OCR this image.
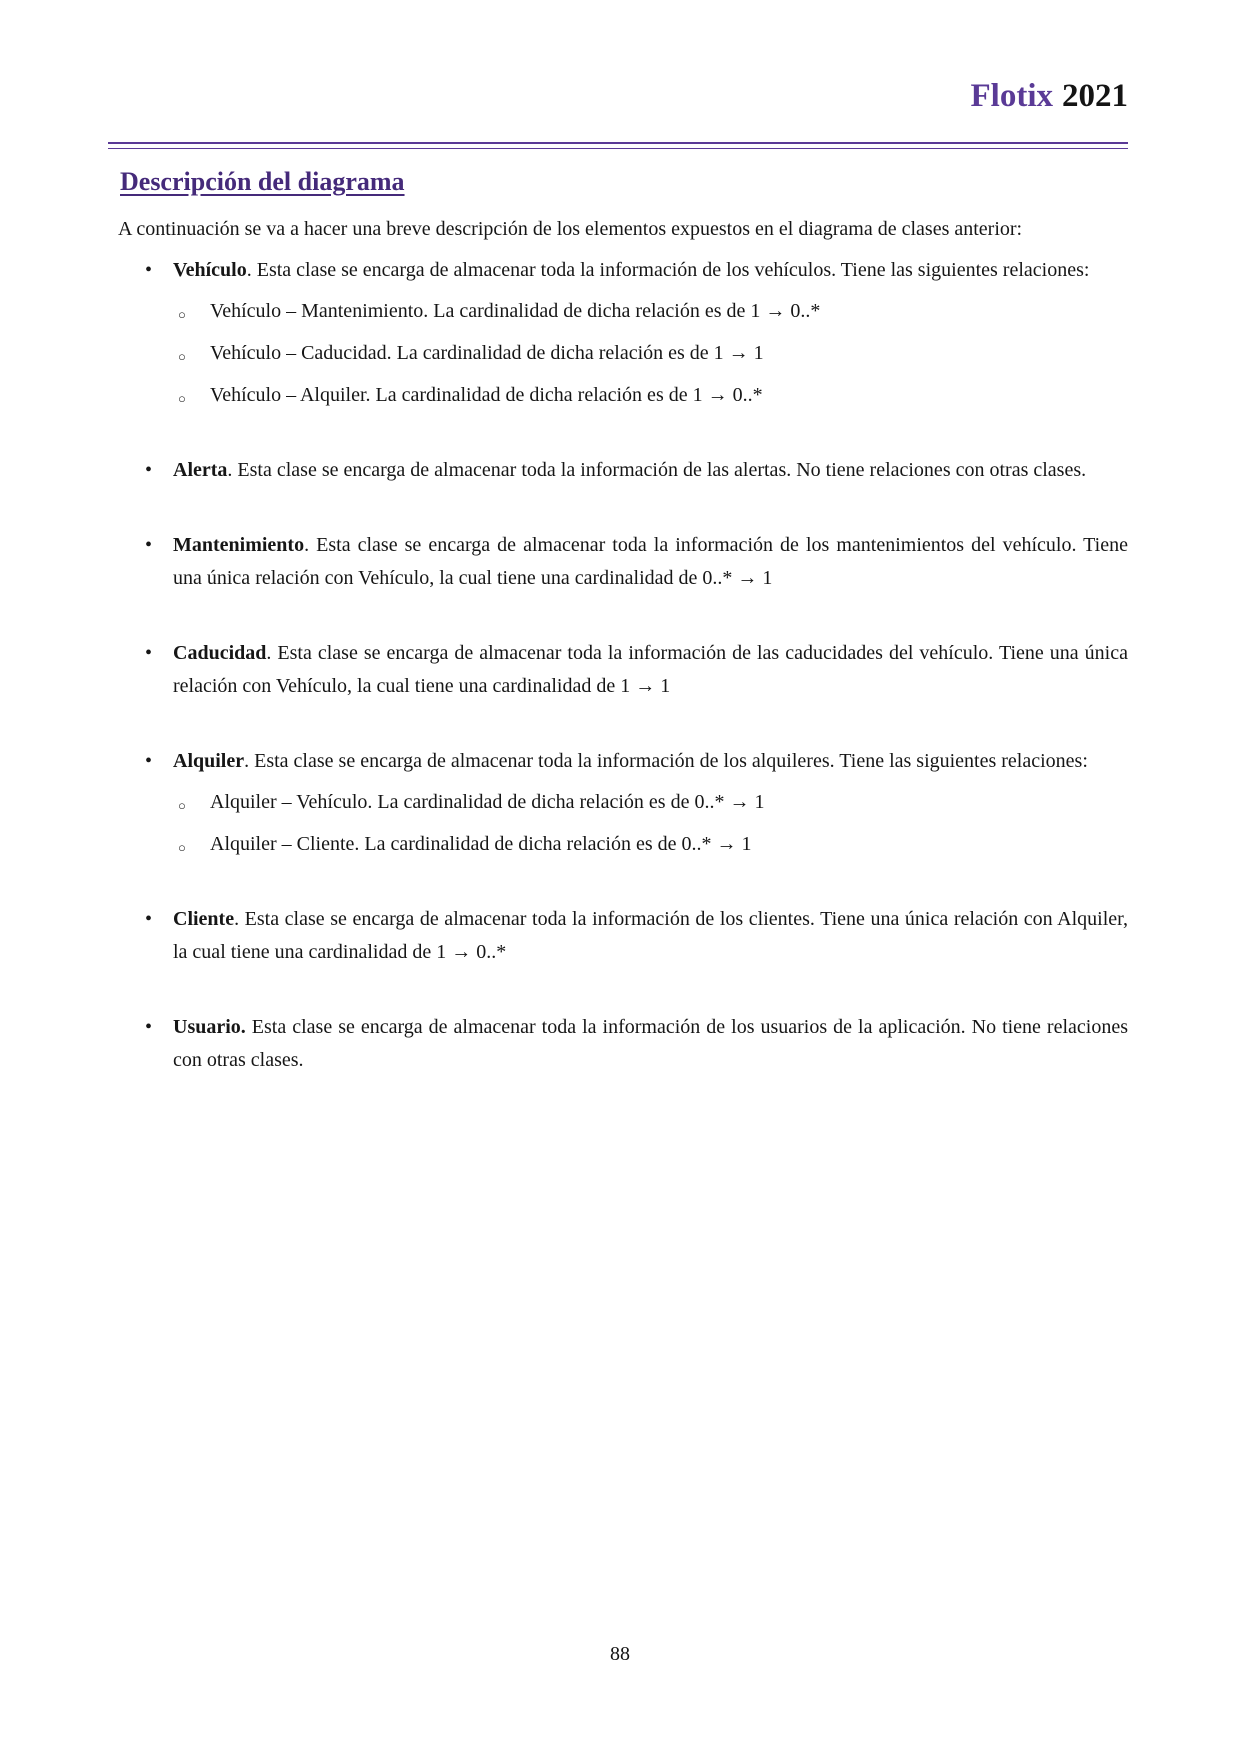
Flotix 2021
Descripción del diagrama

A continuación se va a hacer una breve descripción de los elementos expuestos en el diagrama de clases anterior:

• Vehículo. Esta clase se encarga de almacenar toda la información de los vehículos. Tiene las siguientes relaciones:

○ Vehículo – Mantenimiento. La cardinalidad de dicha relación es de 1 → 0..*
○ Vehículo – Caducidad. La cardinalidad de dicha relación es de 1 → 1
○ Vehículo – Alquiler. La cardinalidad de dicha relación es de 1 → 0..*
• Alerta. Esta clase se encarga de almacenar toda la información de las alertas. No tiene relaciones con otras clases.

• Mantenimiento. Esta clase se encarga de almacenar toda la información de los mantenimientos del vehículo. Tiene una única relación con Vehículo, la cual tiene una cardinalidad de 0..* → 1

• Caducidad. Esta clase se encarga de almacenar toda la información de las caducidades del vehículo. Tiene una única relación con Vehículo, la cual tiene una cardinalidad de 1 → 1

• Alquiler. Esta clase se encarga de almacenar toda la información de los alquileres. Tiene las siguientes relaciones:

○ Alquiler – Vehículo. La cardinalidad de dicha relación es de 0..* → 1
○ Alquiler – Cliente. La cardinalidad de dicha relación es de 0..* → 1
• Cliente. Esta clase se encarga de almacenar toda la información de los clientes. Tiene una única relación con Alquiler, la cual tiene una cardinalidad de 1 → 0..*

• Usuario. Esta clase se encarga de almacenar toda la información de los usuarios de la aplicación. No tiene relaciones con otras clases.

88
